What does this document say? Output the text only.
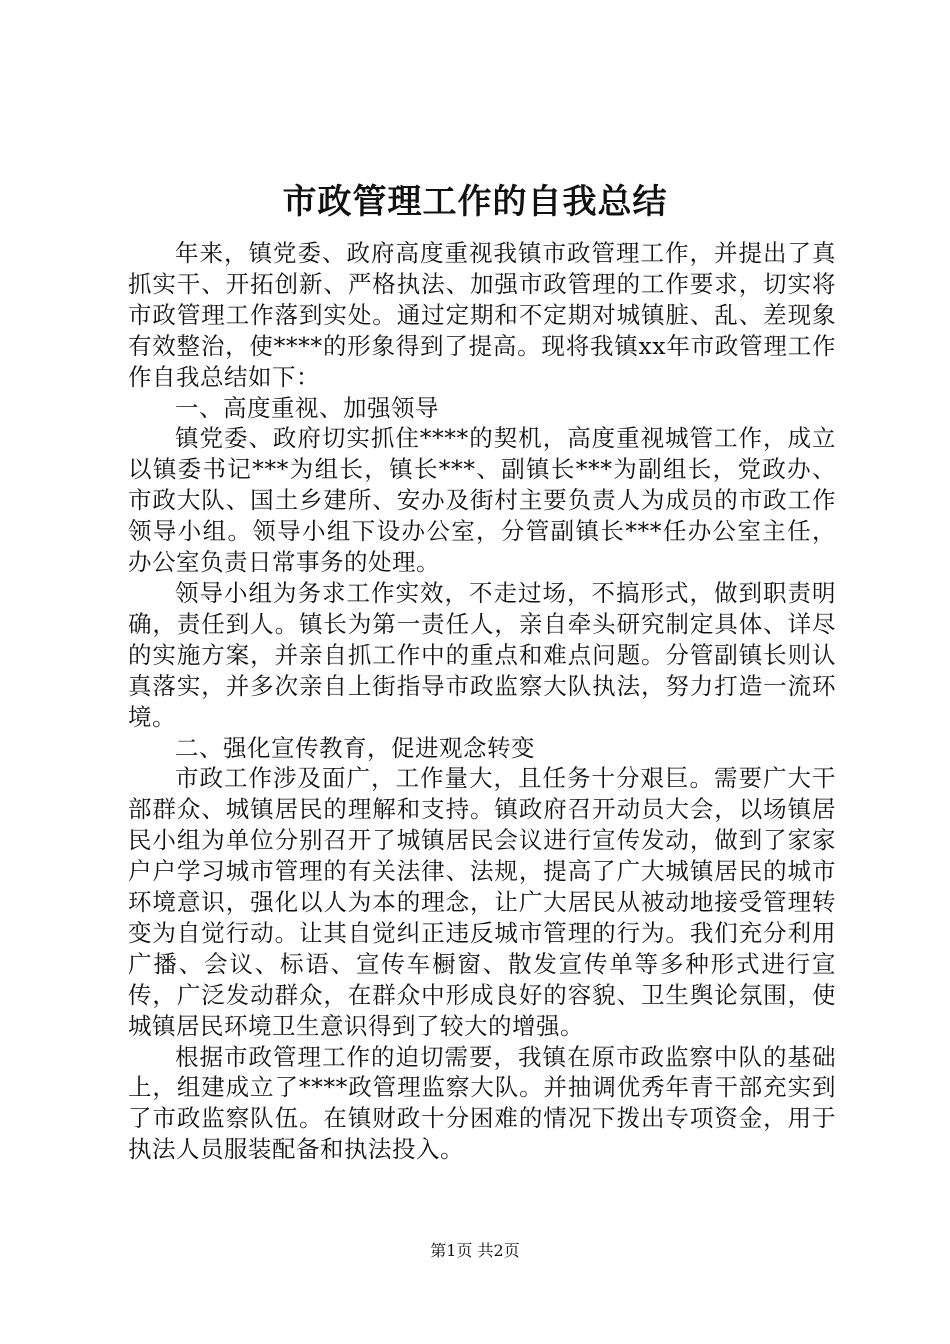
市政管理工作的自我总结

年来，镇党委、政府高度重视我镇市政管理工作，并提出了真抓实干、开拓创新、严格执法、加强市政管理的工作要求，切实将市政管理工作落到实处。通过定期和不定期对城镇脏、乱、差现象有效整治，使****的形象得到了提高。现将我镇xx年市政管理工作作自我总结如下：

一、高度重视、加强领导

镇党委、政府切实抓住****的契机，高度重视城管工作，成立以镇委书记***为组长，镇长***、副镇长***为副组长，党政办、市政大队、国土乡建所、安办及街村主要负责人为成员的市政工作领导小组。领导小组下设办公室，分管副镇长***任办公室主任，办公室负责日常事务的处理。

领导小组为务求工作实效，不走过场，不搞形式，做到职责明确，责任到人。镇长为第一责任人，亲自牵头研究制定具体、详尽的实施方案，并亲自抓工作中的重点和难点问题。分管副镇长则认真落实，并多次亲自上街指导市政监察大队执法，努力打造一流环境。

二、强化宣传教育，促进观念转变

市政工作涉及面广，工作量大，且任务十分艰巨。需要广大干部群众、城镇居民的理解和支持。镇政府召开动员大会，以场镇居民小组为单位分别召开了城镇居民会议进行宣传发动，做到了家家户户学习城市管理的有关法律、法规，提高了广大城镇居民的城市环境意识，强化以人为本的理念，让广大居民从被动地接受管理转变为自觉行动。让其自觉纠正违反城市管理的行为。我们充分利用广播、会议、标语、宣传车橱窗、散发宣传单等多种形式进行宣传，广泛发动群众，在群众中形成良好的容貌、卫生舆论氛围，使城镇居民环境卫生意识得到了较大的增强。

根据市政管理工作的迫切需要，我镇在原市政监察中队的基础上，组建成立了****政管理监察大队。并抽调优秀年青干部充实到了市政监察队伍。在镇财政十分困难的情况下拨出专项资金，用于执法人员服装配备和执法投入。

第1页 共2页
